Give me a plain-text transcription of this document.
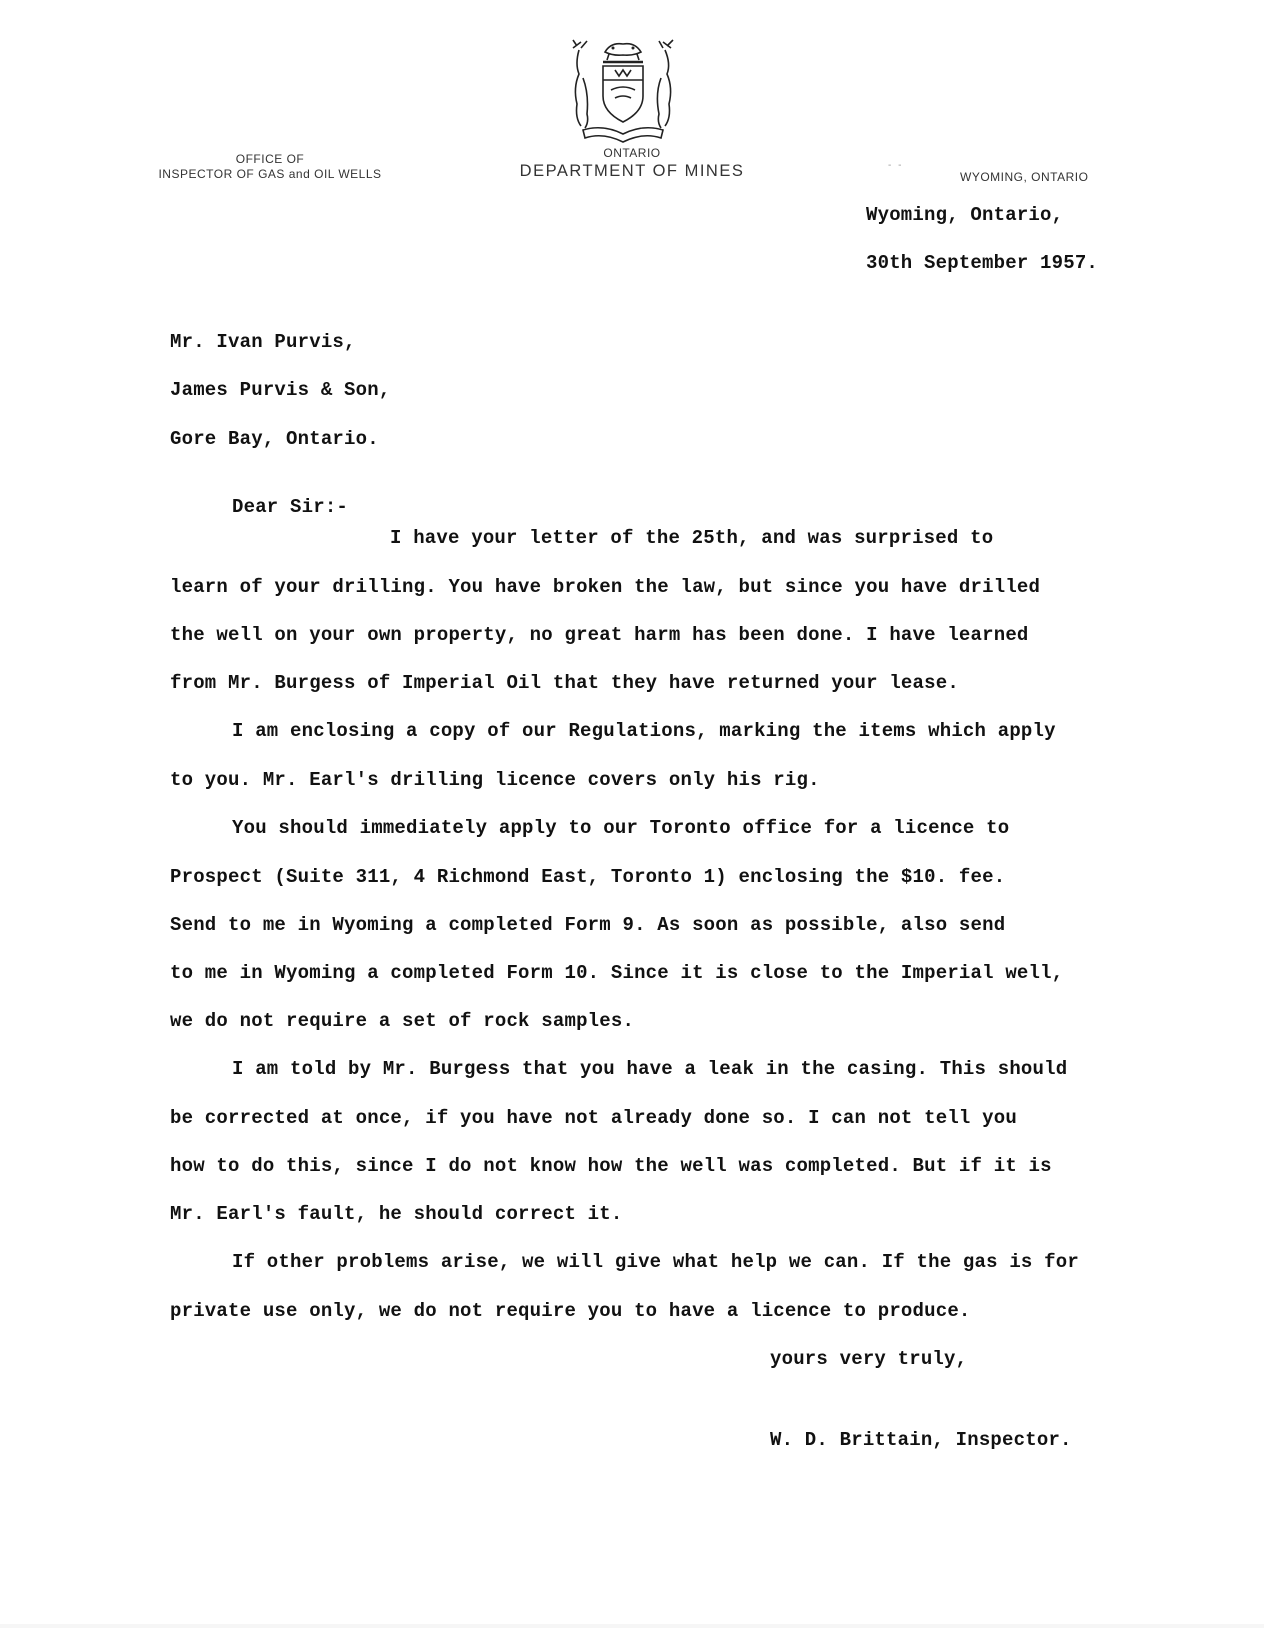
OFFICE OF
INSPECTOR OF GAS and OIL WELLS
ONTARIO
DEPARTMENT OF MINES	- -
WYOMING, ONTARIO
Wyoming, Ontario,
30th September 1957.
Mr. Ivan Purvis,
James Purvis & Son,
Gore Bay, Ontario.
Dear Sir:-
I have your letter of the 25th, and was surprised to
learn of your drilling. You have broken the law, but since you have drilled
the well on your own property, no great harm has been done. I have learned
from Mr. Burgess of Imperial Oil that they have returned your lease.
I am enclosing a copy of our Regulations, marking the items which apply
to you. Mr. Earl's drilling licence covers only his rig.
You should immediately apply to our Toronto office for a licence to
Prospect (Suite 311, 4 Richmond East, Toronto 1) enclosing the $10. fee.
Send to me in Wyoming a completed Form 9. As soon as possible, also send
to me in Wyoming a completed Form 10. Since it is close to the Imperial well,
we do not require a set of rock samples.
I am told by Mr. Burgess that you have a leak in the casing. This should
be corrected at once, if you have not already done so. I can not tell you
how to do this, since I do not know how the well was completed. But if it is
Mr. Earl's fault, he should correct it.
If other problems arise, we will give what help we can. If the gas is for
private use only, we do not require you to have a licence to produce.
yours very truly,
W. D. Brittain, Inspector.
